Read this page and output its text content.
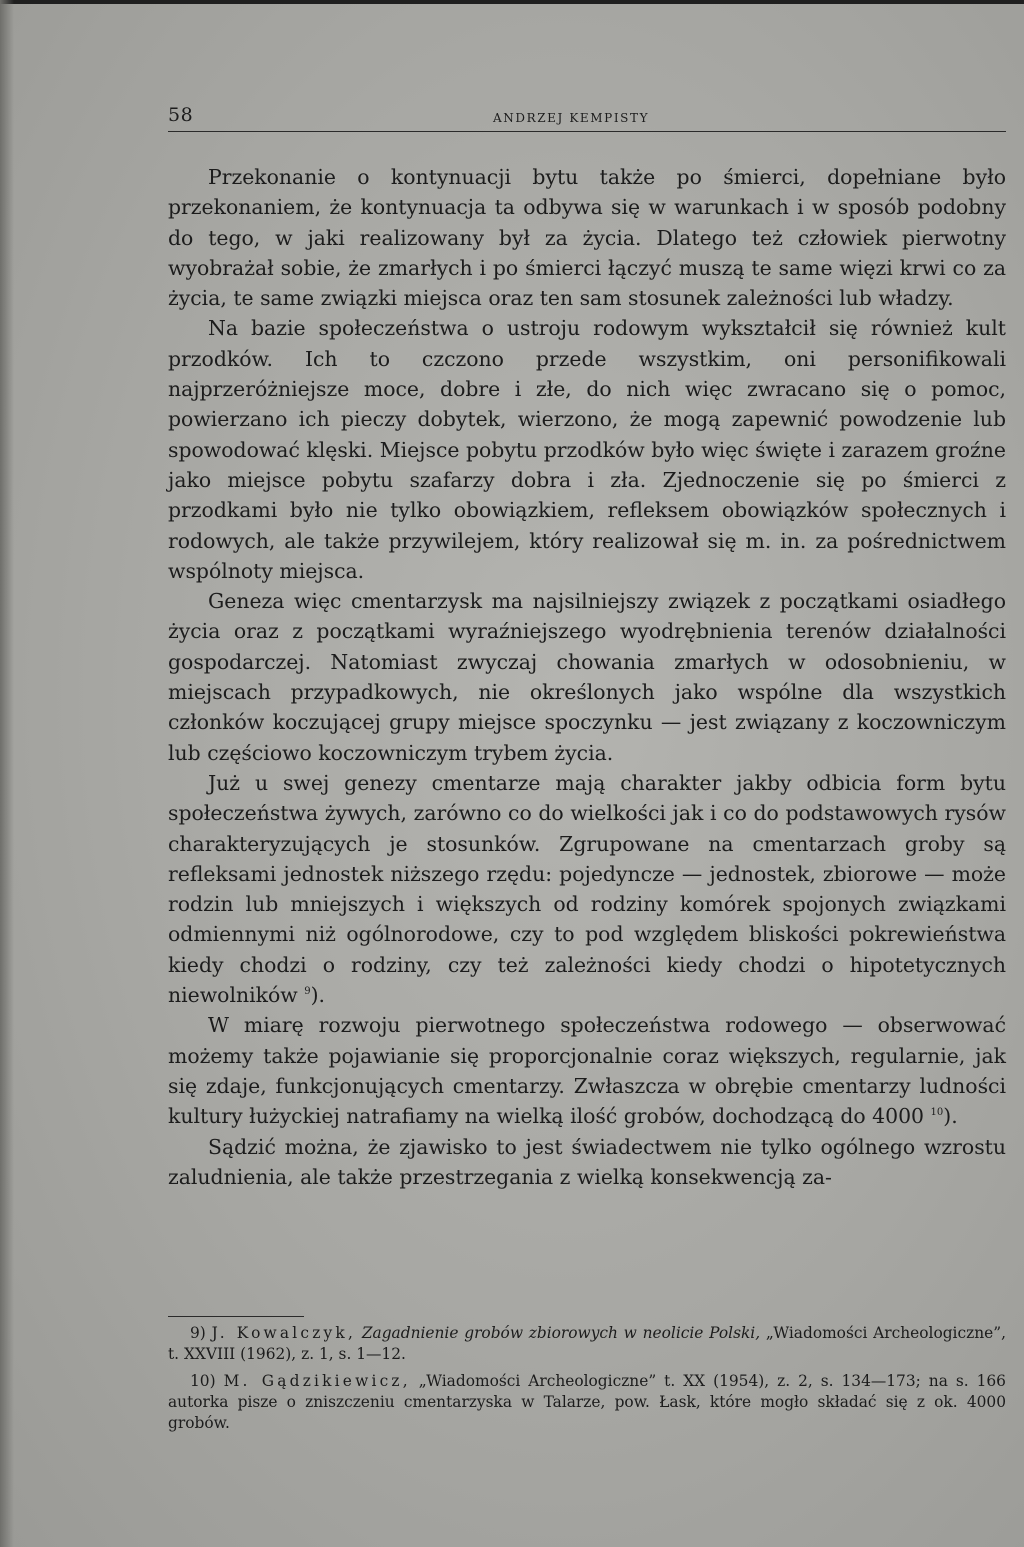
58	ANDRZEJ KEMPISTY

Przekonanie o kontynuacji bytu także po śmierci, dopełniane było przekonaniem, że kontynuacja ta odbywa się w warunkach i w sposób podobny do tego, w jaki realizowany był za życia. Dlatego też człowiek pierwotny wyobrażał sobie, że zmarłych i po śmierci łączyć muszą te same więzi krwi co za życia, te same związki miejsca oraz ten sam stosunek zależności lub władzy.

Na bazie społeczeństwa o ustroju rodowym wykształcił się również kult przodków. Ich to czczono przede wszystkim, oni personifikowali najprzeróżniejsze moce, dobre i złe, do nich więc zwracano się o pomoc, powierzano ich pieczy dobytek, wierzono, że mogą zapewnić powodzenie lub spowodować klęski. Miejsce pobytu przodków było więc święte i zarazem groźne jako miejsce pobytu szafarzy dobra i zła. Zjednoczenie się po śmierci z przodkami było nie tylko obowiązkiem, refleksem obowiązków społecznych i rodowych, ale także przywilejem, który realizował się m. in. za pośrednictwem wspólnoty miejsca.

Geneza więc cmentarzysk ma najsilniejszy związek z początkami osiadłego życia oraz z początkami wyraźniejszego wyodrębnienia terenów działalności gospodarczej. Natomiast zwyczaj chowania zmarłych w odosobnieniu, w miejscach przypadkowych, nie określonych jako wspólne dla wszystkich członków koczującej grupy miejsce spoczynku — jest związany z koczowniczym lub częściowo koczowniczym trybem życia.

Już u swej genezy cmentarze mają charakter jakby odbicia form bytu społeczeństwa żywych, zarówno co do wielkości jak i co do podstawowych rysów charakteryzujących je stosunków. Zgrupowane na cmentarzach groby są refleksami jednostek niższego rzędu: pojedyncze — jednostek, zbiorowe — może rodzin lub mniejszych i większych od rodziny komórek spojonych związkami odmiennymi niż ogólnorodowe, czy to pod względem bliskości pokrewieństwa kiedy chodzi o rodziny, czy też zależności kiedy chodzi o hipotetycznych niewolników $^9$).

W miarę rozwoju pierwotnego społeczeństwa rodowego — obserwować możemy także pojawianie się proporcjonalnie coraz większych, regularnie, jak się zdaje, funkcjonujących cmentarzy. Zwłaszcza w obrębie cmentarzy ludności kultury łużyckiej natrafiamy na wielką ilość grobów, dochodzącą do 4000 $^{10}$).

Sądzić można, że zjawisko to jest świadectwem nie tylko ogólnego wzrostu zaludnienia, ale także przestrzegania z wielką konsekwencją za-

9) J. Kowalczyk, Zagadnienie grobów zbiorowych w neolicie Polski, „Wiadomości Archeologiczne”, t. XXVIII (1962), z. 1, s. 1—12.

10) M. Gądzikiewicz, „Wiadomości Archeologiczne” t. XX (1954), z. 2, s. 134—173; na s. 166 autorka pisze o zniszczeniu cmentarzyska w Talarze, pow. Łask, które mogło składać się z ok. 4000 grobów.
